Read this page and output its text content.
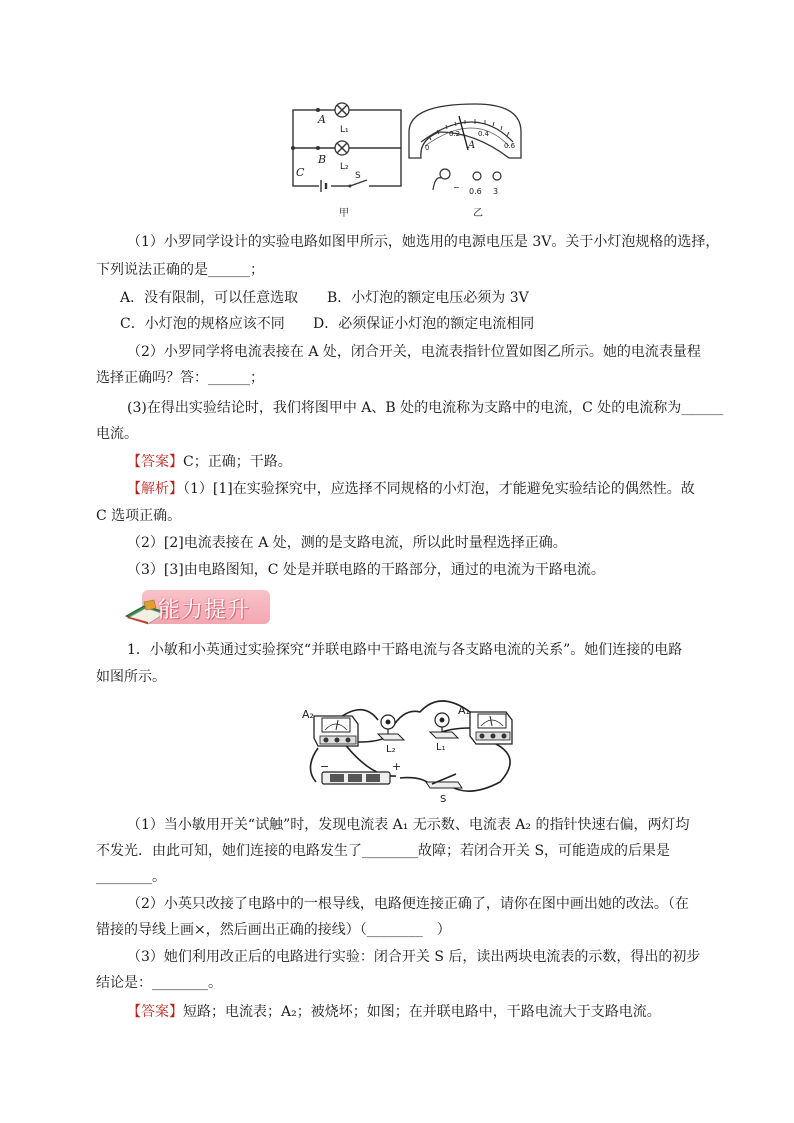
A
B
C
L₁
L₂
S
甲
0
0.2	0.4
0.6
A
− 0.6 3
乙
（1）小罗同学设计的实验电路如图甲所示，她选用的电源电压是 3V。关于小灯泡规格的选择，
下列说法正确的是______；
A．没有限制，可以任意选取	B．小灯泡的额定电压必须为 3V
C．小灯泡的规格应该不同	D．必须保证小灯泡的额定电流相同
（2）小罗同学将电流表接在 A 处，闭合开关，电流表指针位置如图乙所示。她的电流表量程
选择正确吗？答：______；
(3)在得出实验结论时，我们将图甲中 A、B 处的电流称为支路中的电流，C 处的电流称为______
电流。
【答案】C；正确；干路。
【解析】（1）[1]在实验探究中，应选择不同规格的小灯泡，才能避免实验结论的偶然性。故
C 选项正确。
（2）[2]电流表接在 A 处，测的是支路电流，所以此时量程选择正确。
（3）[3]由电路图知，C 处是并联电路的干路部分，通过的电流为干路电流。
能力提升
1．小敏和小英通过实验探究“并联电路中干路电流与各支路电流的关系”。她们连接的电路
如图所示。
A₂
L₂	L₁
A₁
−	+
S
（1）当小敏用开关“试触”时，发现电流表 A₁ 无示数、电流表 A₂ 的指针快速右偏，两灯均
不发光．由此可知，她们连接的电路发生了________故障；若闭合开关 S，可能造成的后果是
________。
（2）小英只改接了电路中的一根导线，电路便连接正确了，请你在图中画出她的改法。（在
错接的导线上画×，然后画出正确的接线）（________　）
（3）她们利用改正后的电路进行实验：闭合开关 S 后，读出两块电流表的示数，得出的初步
结论是：________。
【答案】短路；电流表；A₂；被烧坏；如图；在并联电路中，干路电流大于支路电流。
